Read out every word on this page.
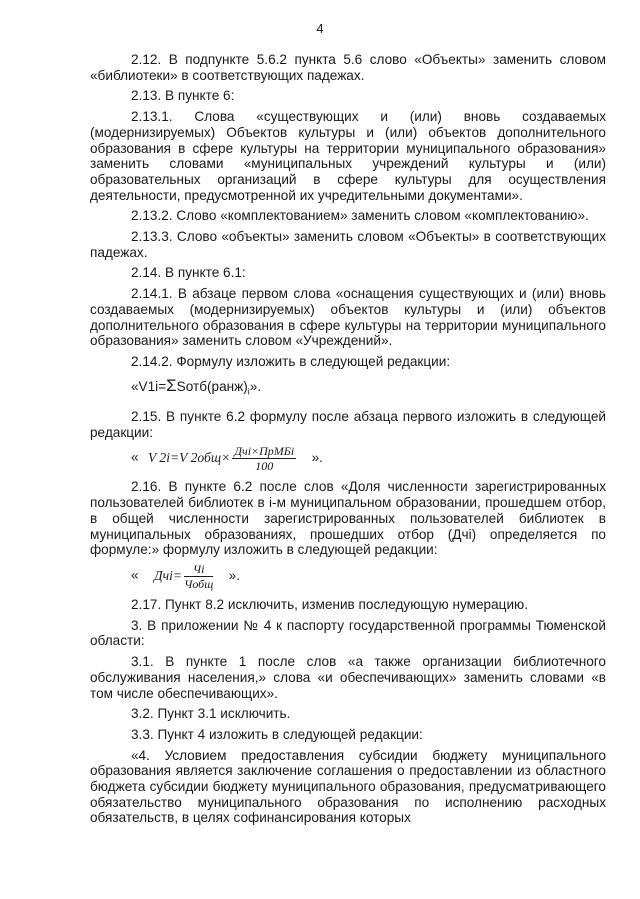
4

2.12. В подпункте 5.6.2 пункта 5.6 слово «Объекты» заменить словом «библиотеки» в соответствующих падежах.

2.13. В пункте 6:

2.13.1. Слова «существующих и (или) вновь создаваемых (модернизируемых) Объектов культуры и (или) объектов дополнительного образования в сфере культуры на территории муниципального образования» заменить словами «муниципальных учреждений культуры и (или) образовательных организаций в сфере культуры для осуществления деятельности, предусмотренной их учредительными документами».

2.13.2. Слово «комплектованием» заменить словом «комплектованию».

2.13.3. Слово «объекты» заменить словом «Объекты» в соответствующих падежах.

2.14. В пункте 6.1:

2.14.1. В абзаце первом слова «оснащения существующих и (или) вновь создаваемых (модернизируемых) объектов культуры и (или) объектов дополнительного образования в сфере культуры на территории муниципального образования» заменить словом «Учреждений».

2.14.2. Формулу изложить в следующей редакции:

«$V1i=\Sigma Sотб(ранж)_i$».

2.15. В пункте 6.2 формулу после абзаца первого изложить в следующей редакции:

« V 2i=V $2общ\times \frac{\text{Дчi×ПрМБi}}{100}$ ».

2.16. В пункте 6.2 после слов «Доля численности зарегистрированных пользователей библиотек в i-м муниципальном образовании, прошедшем отбор, в общей численности зарегистрированных пользователей библиотек в муниципальных образованиях, прошедших отбор (Дчi) определяется по формуле:» формулу изложить в следующей редакции:

« $Дчi= \frac{Чi}{\text{Чобщ}}$ ».

2.17. Пункт 8.2 исключить, изменив последующую нумерацию.

3. В приложении № 4 к паспорту государственной программы Тюменской области:

3.1. В пункте 1 после слов «а также организации библиотечного обслуживания населения,» слова «и обеспечивающих» заменить словами «в том числе обеспечивающих».

3.2. Пункт 3.1 исключить.

3.3. Пункт 4 изложить в следующей редакции:

«4. Условием предоставления субсидии бюджету муниципального образования является заключение соглашения о предоставлении из областного бюджета субсидии бюджету муниципального образования, предусматривающего обязательство муниципального образования по исполнению расходных обязательств, в целях софинансирования которых
